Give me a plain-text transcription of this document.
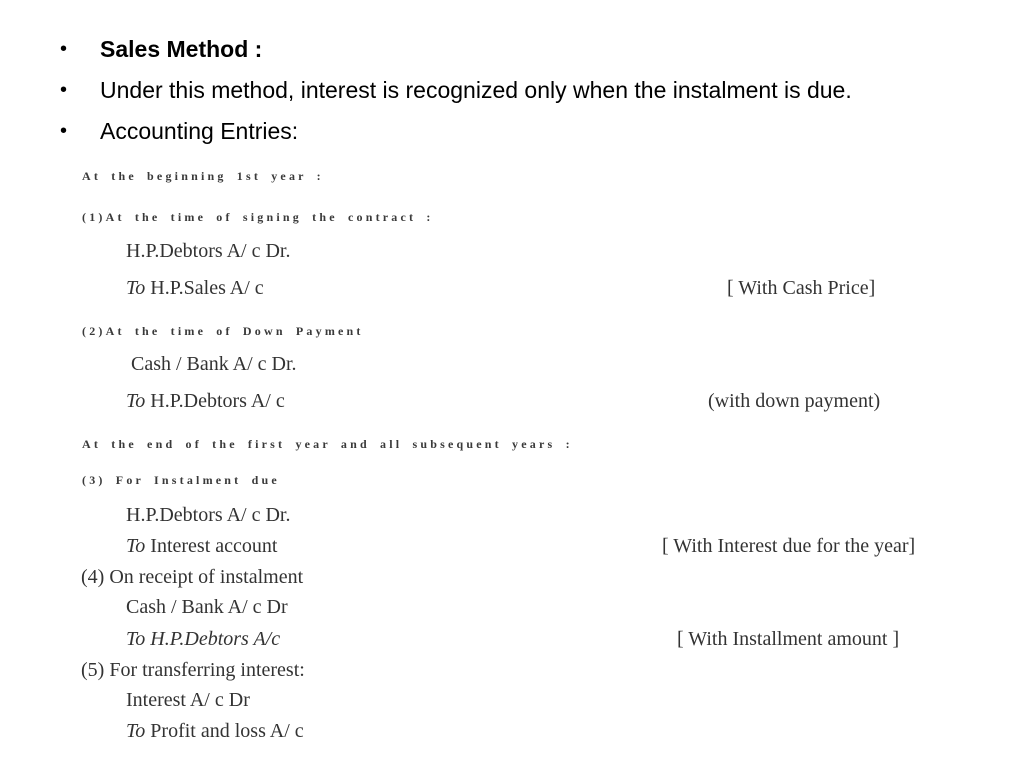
• Sales Method :
• Under this method, interest is recognized only when the instalment is due.
• Accounting Entries:
At the beginning 1st year :
(1)At the time of signing the contract :
H.P.Debtors A/ c Dr.
To H.P.Sales A/ c	[ With Cash Price]
(2)At the time of Down Payment
Cash / Bank A/ c Dr.
To H.P.Debtors A/ c	(with down payment)
At the end of the first year and all subsequent years :
(3) For Instalment due
H.P.Debtors A/ c Dr.
To Interest account	[ With Interest due for the year]
(4) On receipt of instalment
Cash / Bank A/ c Dr
To H.P.Debtors A/c	[ With Installment amount ]
(5) For transferring interest:
Interest A/ c Dr
To Profit and loss A/ c
